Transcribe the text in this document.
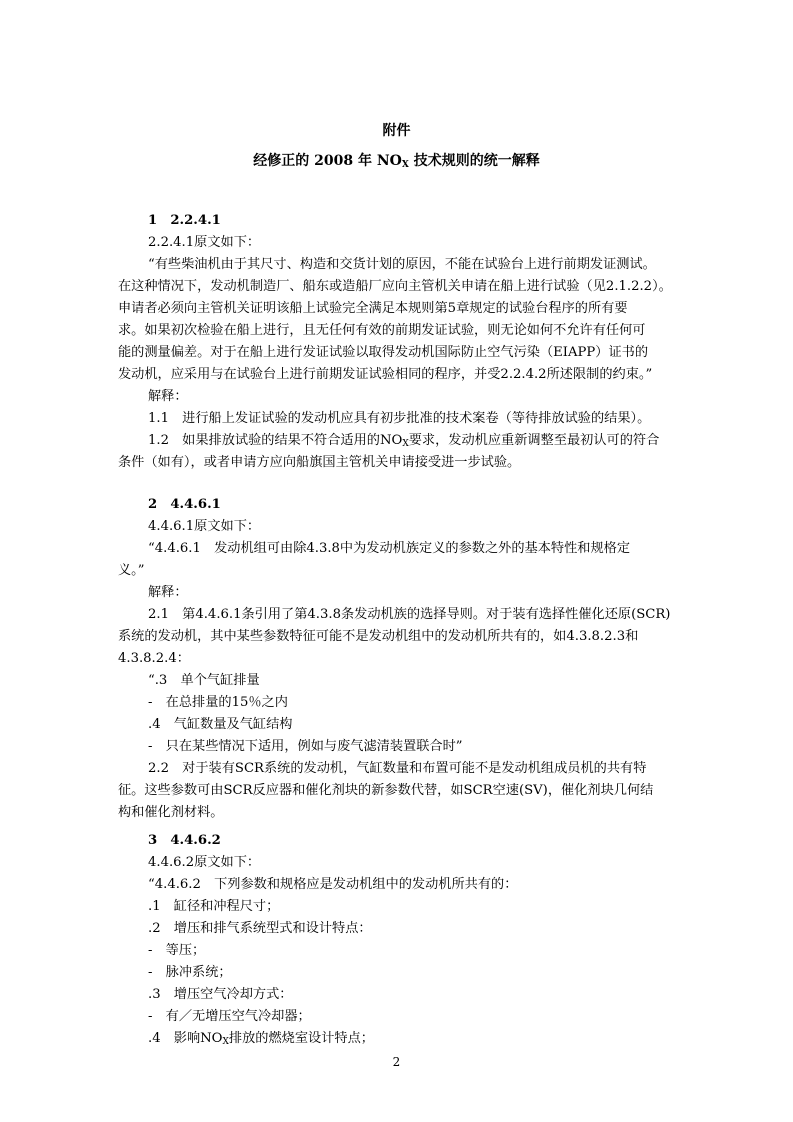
附件
经修正的 2008 年 $NO_X$ 技术规则的统一解释
1　2.2.4.1
2.2.4.1原文如下：
“有些柴油机由于其尺寸、构造和交货计划的原因，不能在试验台上进行前期发证测试。
在这种情况下，发动机制造厂、船东或造船厂应向主管机关申请在船上进行试验（见2.1.2.2）。
申请者必须向主管机关证明该船上试验完全满足本规则第5章规定的试验台程序的所有要
求。如果初次检验在船上进行，且无任何有效的前期发证试验，则无论如何不允许有任何可
能的测量偏差。对于在船上进行发证试验以取得发动机国际防止空气污染（EIAPP）证书的
发动机，应采用与在试验台上进行前期发证试验相同的程序，并受2.2.4.2所述限制的约束。”
解释：
1.1　进行船上发证试验的发动机应具有初步批准的技术案卷（等待排放试验的结果）。
1.2　如果排放试验的结果不符合适用的$NO_X$要求，发动机应重新调整至最初认可的符合
条件（如有），或者申请方应向船旗国主管机关申请接受进一步试验。
2　4.4.6.1
4.4.6.1原文如下：
“4.4.6.1　发动机组可由除4.3.8中为发动机族定义的参数之外的基本特性和规格定
义。”
解释：
2.1　第4.4.6.1条引用了第4.3.8条发动机族的选择导则。对于装有选择性催化还原(SCR)
系统的发动机，其中某些参数特征可能不是发动机组中的发动机所共有的，如4.3.8.2.3和
4.3.8.2.4：
“.3　单个气缸排量
-　在总排量的15％之内
.4　气缸数量及气缸结构
-　只在某些情况下适用，例如与废气滤清装置联合时”
2.2　对于装有SCR系统的发动机，气缸数量和布置可能不是发动机组成员机的共有特
征。这些参数可由SCR反应器和催化剂块的新参数代替，如SCR空速(SV)，催化剂块几何结
构和催化剂材料。
3　4.4.6.2
4.4.6.2原文如下：
“4.4.6.2　下列参数和规格应是发动机组中的发动机所共有的：
.1　缸径和冲程尺寸；
.2　增压和排气系统型式和设计特点：
-　等压；
-　脉冲系统；
.3　增压空气冷却方式：
-　有／无增压空气冷却器；
.4　影响$NO_X$排放的燃烧室设计特点；
2
